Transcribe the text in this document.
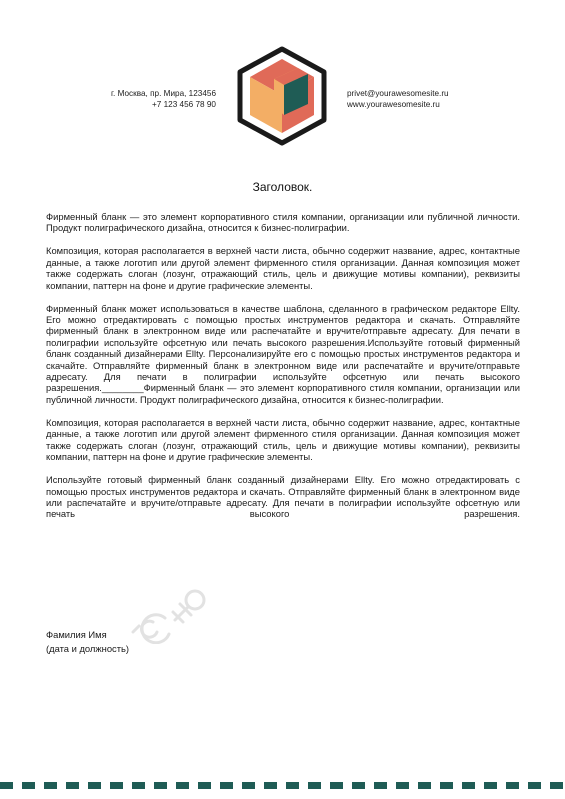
г. Москва, пр. Мира, 123456
+7 123 456 78 90
privet@yourawesomesite.ru
www.yourawesomesite.ru
Заголовок.

Фирменный бланк — это элемент корпоративного стиля компании, организации или публичной личности. Продукт полиграфического дизайна, относится к бизнес-полиграфии.

Композиция, которая располагается в верхней части листа, обычно содержит название, адрес, контактные данные, а также логотип или другой элемент фирменного стиля организации. Данная композиция может также содержать слоган (лозунг, отражающий стиль, цель и движущие мотивы компании), реквизиты компании, паттерн на фоне и другие графические элементы.

Фирменный бланк может использоваться в качестве шаблона, сделанного в графическом редакторе Ellty. Его можно отредактировать с помощью простых инструментов редактора и скачать. Отправляйте фирменный бланк в электронном виде или распечатайте и вручите/отправьте адресату. Для печати в полиграфии используйте офсетную или печать высокого разрешения.Используйте готовый фирменный бланк созданный дизайнерами Ellty. Персонализируйте его с помощью простых инструментов редактора и скачайте. Отправляйте фирменный бланк в электронном виде или распечатайте и вручите/отправьте адресату. Для печати в полиграфии используйте офсетную или печать высокого разрешения.________Фирменный бланк — это элемент корпоративного стиля компании, организации или публичной личности. Продукт полиграфического дизайна, относится к бизнес-полиграфии.

Композиция, которая располагается в верхней части листа, обычно содержит название, адрес, контактные данные, а также логотип или другой элемент фирменного стиля организации. Данная композиция может также содержать слоган (лозунг, отражающий стиль, цель и движущие мотивы компании), реквизиты компании, паттерн на фоне и другие графические элементы.

Используйте готовый фирменный бланк созданный дизайнерами Ellty. Его можно отредактировать с помощью простых инструментов редактора и скачать. Отправляйте фирменный бланк в электронном виде или распечатайте и вручите/отправьте адресату. Для печати в полиграфии используйте офсетную или печать высокого разрешения.

Фамилия Имя
(дата и должность)
